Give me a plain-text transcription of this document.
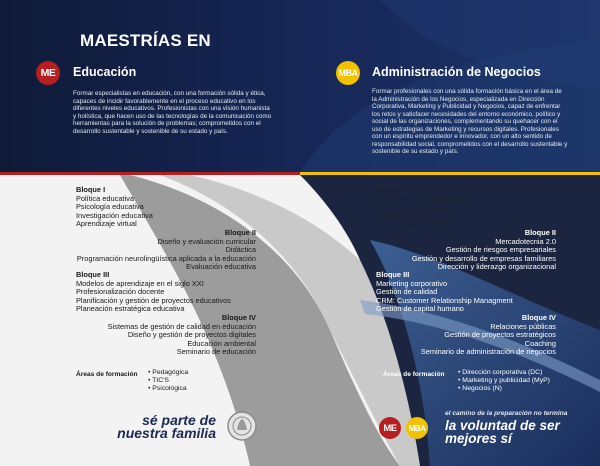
MAESTRÍAS EN
ME	Educación
Formar especialistas en educación, con una formación sólida y ética, capaces de incidir favorablemente en el proceso educativo en los diferentes niveles educativos. Profesionistas con una visión humanista y holística, que hacen uso de las tecnologías de la comunicación como herramientas para la solución de problemas; comprometidos con el desarrollo sustentable y sostenible de su estado y país.
MBA Administración de Negocios
Formar profesionales con una sólida formación básica en el área de la Administración de los Negocios, especializada en Dirección Corporativa, Marketing y Publicidad y Negocios, capaz de enfrentar los retos y satisfacer necesidades del entorno económico, político y social de las organizaciones, complementando su quehacer con el uso de estrategias de Marketing y recursos digitales. Profesionales con un espíritu emprendedor e innovador, con un alto sentido de responsabilidad social, comprometidos con el desarrollo sustentable y sostenible de su estado y país.
Bloque I
Política educativa
Psicología educativa
Investigación educativa
Aprendizaje virtual
Bloque II
Diseño y evaluación curricular
Didáctica
Programación neurolingüística aplicada a la educación
Evaluación educativa
Bloque III
Modelos de aprendizaje en el siglo XXI
Profesionalización docente
Planificación y gestión de proyectos educativos
Planeación estratégica educativa
Bloque IV
Sistemas de gestión de calidad en educación
Diseño y gestión de proyectos digitales
Educación ambiental
Seminario de educación
Áreas de formación	• Pedagógica
• TIC'S
• Psicológica
sé parte de
nuestra familia
Bloque I
Modelo de toma de decisiones
Finanzas corporativas
Comportamiento del consumidor
Innovación y desarrollo de negocios
Bloque II
Mercadotecnia 2.0
Gestión de riesgos empresariales
Gestión y desarrollo de empresas familiares
Dirección y liderazgo organizacional
Bloque III
Marketing corporativo
Gestión de calidad
CRM: Customer Relationship Managment
Gestión de capital humano
Bloque IV
Relaciones públicas
Gestión de proyectos estratégicos
Coaching
Seminario de administración de negocios
Áreas de formación	• Dirección corporativa (DC)
• Marketing y publicidad (MyP)
• Negocios (N)
ME	MBA
el camino de la preparación no termina
la voluntad de ser
mejores sí
